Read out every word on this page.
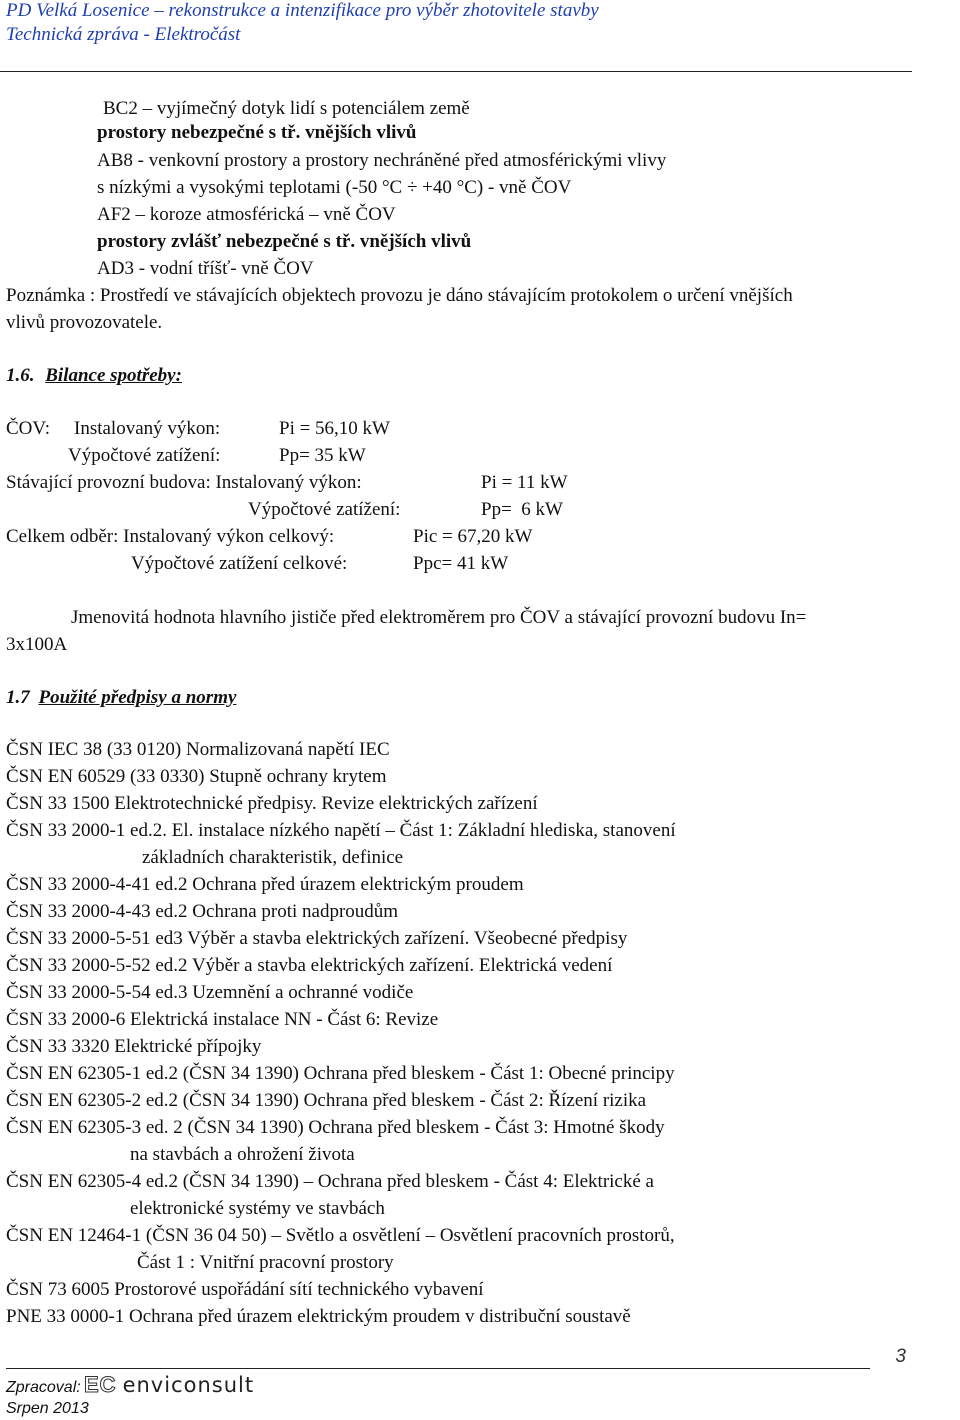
PD Velká Losenice – rekonstrukce a intenzifikace pro výběr zhotovitele stavby
Technická zpráva - Elektročást
BC2 – vyjímečný dotyk lidí s potenciálem země
prostory nebezpečné s tř. vnějších vlivů
AB8 - venkovní prostory a prostory nechráněné před atmosférickými vlivy
s nízkými a vysokými teplotami (-50 °C ÷ +40 °C) - vně ČOV
AF2 – koroze atmosférická – vně ČOV
prostory zvlášť nebezpečné s tř. vnějších vlivů
AD3 - vodní tříšť- vně ČOV
Poznámka : Prostředí ve stávajících objektech provozu je dáno stávajícím protokolem o určení vnějších
vlivů provozovatele.
1.6. Bilance spotřeby:
ČOV: Instalovaný výkon:	Pi = 56,10 kW
Výpočtové zatížení:	Pp= 35 kW
Stávající provozní budova: Instalovaný výkon:	Pi = 11 kW
Výpočtové zatížení:	Pp=  6 kW
Celkem odběr: Instalovaný výkon celkový:	Pic = 67,20 kW
Výpočtové zatížení celkové:	Ppc= 41 kW
Jmenovitá hodnota hlavního jističe před elektroměrem pro ČOV a stávající provozní budovu In=
3x100A
1.7 Použité předpisy a normy
ČSN IEC 38 (33 0120) Normalizovaná napětí IEC
ČSN EN 60529 (33 0330) Stupně ochrany krytem
ČSN 33 1500 Elektrotechnické předpisy. Revize elektrických zařízení
ČSN 33 2000-1 ed.2. El. instalace nízkého napětí – Část 1: Základní hlediska, stanovení
základních charakteristik, definice
ČSN 33 2000-4-41 ed.2 Ochrana před úrazem elektrickým proudem
ČSN 33 2000-4-43 ed.2 Ochrana proti nadproudům
ČSN 33 2000-5-51 ed3 Výběr a stavba elektrických zařízení. Všeobecné předpisy
ČSN 33 2000-5-52 ed.2 Výběr a stavba elektrických zařízení. Elektrická vedení
ČSN 33 2000-5-54 ed.3 Uzemnění a ochranné vodiče
ČSN 33 2000-6 Elektrická instalace NN - Část 6: Revize
ČSN 33 3320 Elektrické přípojky
ČSN EN 62305-1 ed.2 (ČSN 34 1390) Ochrana před bleskem - Část 1: Obecné principy
ČSN EN 62305-2 ed.2 (ČSN 34 1390) Ochrana před bleskem - Část 2: Řízení rizika
ČSN EN 62305-3 ed. 2 (ČSN 34 1390) Ochrana před bleskem - Část 3: Hmotné škody
na stavbách a ohrožení života
ČSN EN 62305-4 ed.2 (ČSN 34 1390) – Ochrana před bleskem - Část 4: Elektrické a
elektronické systémy ve stavbách
ČSN EN 12464-1 (ČSN 36 04 50) – Světlo a osvětlení – Osvětlení pracovních prostorů,
Část 1 : Vnitřní pracovní prostory
ČSN 73 6005 Prostorové uspořádání sítí technického vybavení
PNE 33 0000-1 Ochrana před úrazem elektrickým proudem v distribuční soustavě
3
Zpracoval: EC enviconsult
Srpen 2013
